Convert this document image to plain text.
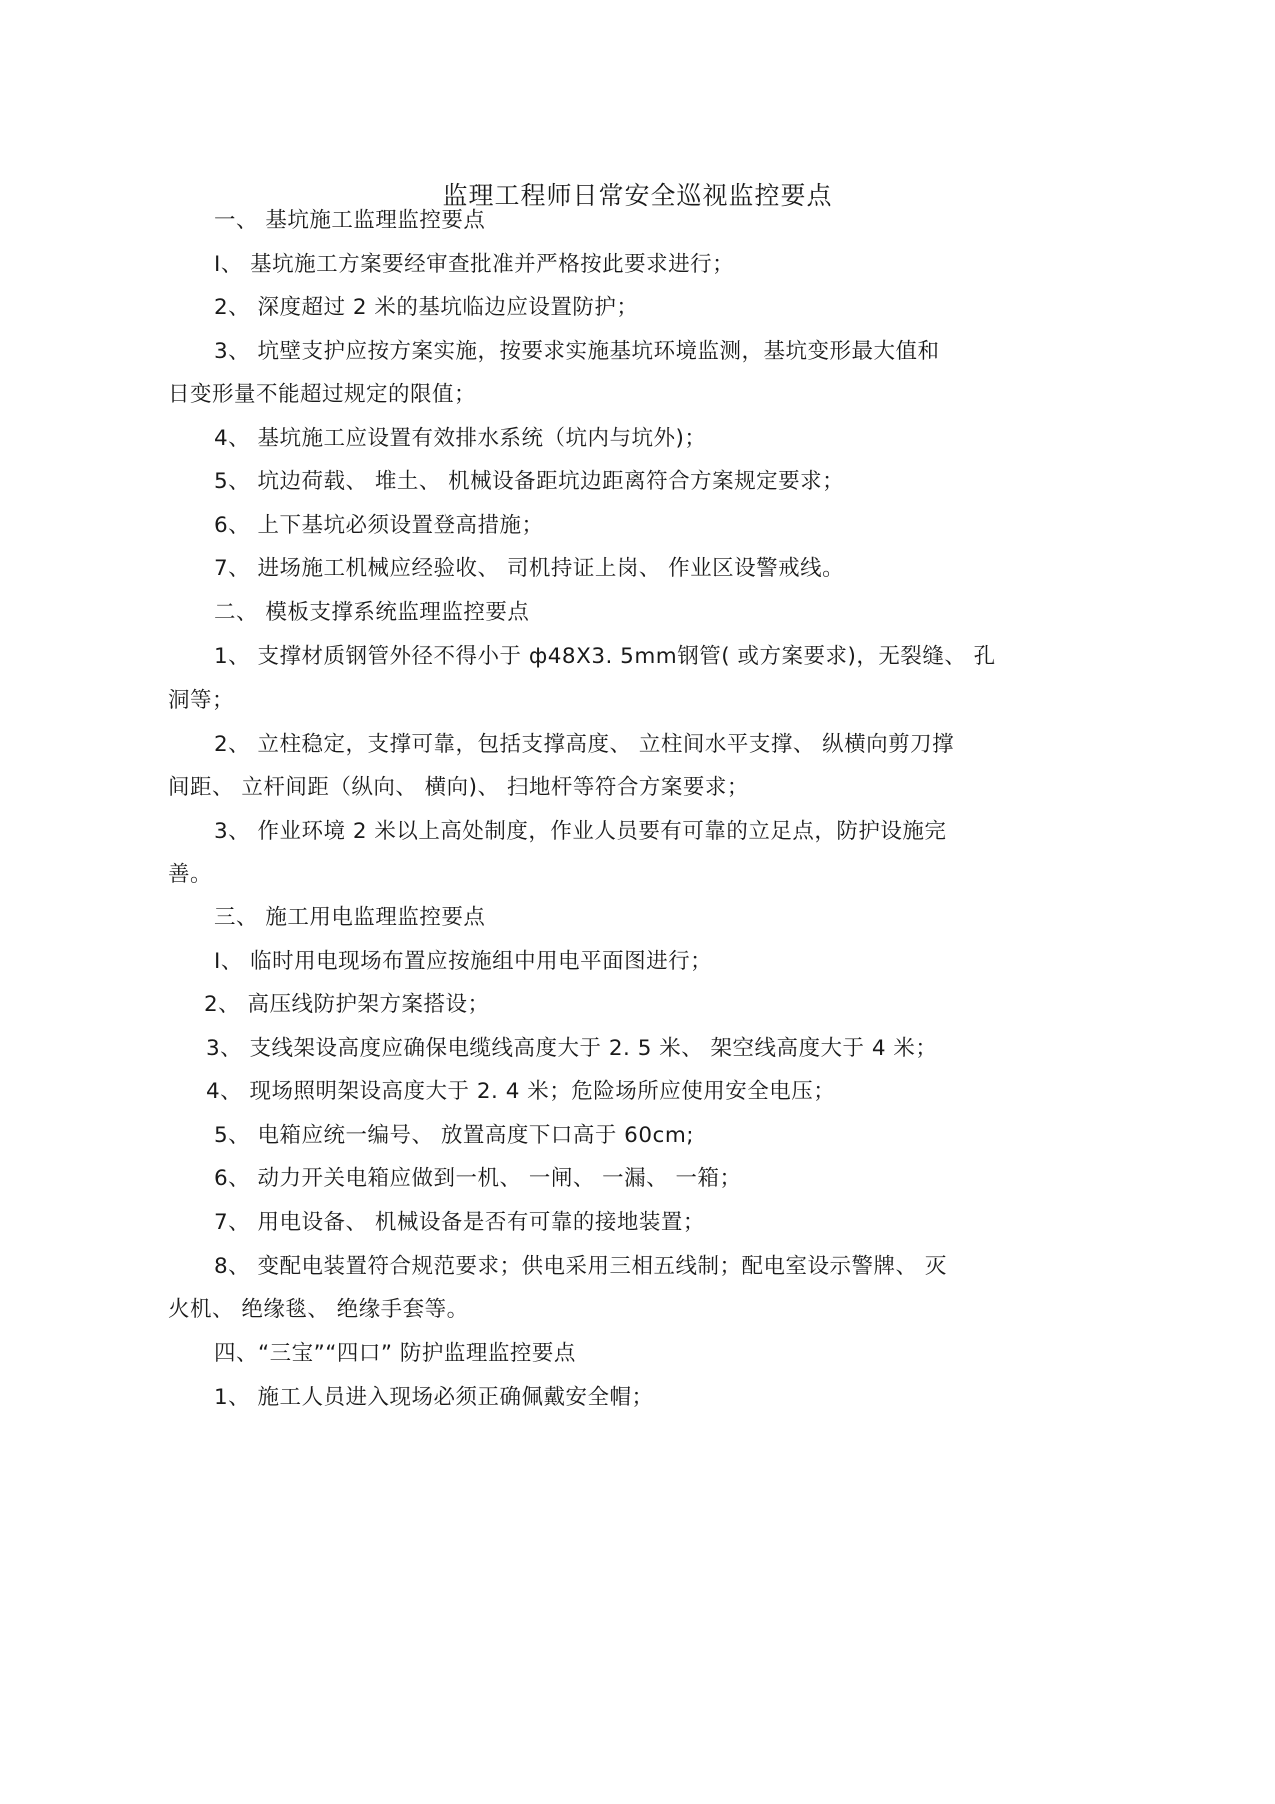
监理工程师日常安全巡视监控要点

一、 基坑施工监理监控要点

I、 基坑施工方案要经审查批准并严格按此要求进行；

2、 深度超过 2 米的基坑临边应设置防护；

3、 坑壁支护应按方案实施，按要求实施基坑环境监测，基坑变形最大值和

日变形量不能超过规定的限值；

4、 基坑施工应设置有效排水系统（坑内与坑外)；

5、 坑边荷载、 堆土、 机械设备距坑边距离符合方案规定要求；

6、 上下基坑必须设置登高措施；

7、 进场施工机械应经验收、 司机持证上岗、 作业区设警戒线。

二、 模板支撑系统监理监控要点

1、 支撑材质钢管外径不得小于 ф48X3. 5mm钢管( 或方案要求)，无裂缝、 孔

洞等；

2、 立柱稳定，支撑可靠，包括支撑高度、 立柱间水平支撑、 纵横向剪刀撑

间距、 立杆间距（纵向、 横向)、 扫地杆等符合方案要求；

3、 作业环境 2 米以上高处制度，作业人员要有可靠的立足点，防护设施完

善。

三、 施工用电监理监控要点

I、 临时用电现场布置应按施组中用电平面图进行；

2、 高压线防护架方案搭设；

3、 支线架设高度应确保电缆线高度大于 2. 5 米、 架空线高度大于 4 米；

4、 现场照明架设高度大于 2. 4 米；危险场所应使用安全电压；

5、 电箱应统一编号、 放置高度下口高于 60cm;

6、 动力开关电箱应做到一机、 一闸、 一漏、 一箱；

7、 用电设备、 机械设备是否有可靠的接地装置；

8、 变配电装置符合规范要求；供电采用三相五线制；配电室设示警牌、 灭

火机、 绝缘毯、 绝缘手套等。

四、“三宝”“四口” 防护监理监控要点

1、 施工人员进入现场必须正确佩戴安全帽；
